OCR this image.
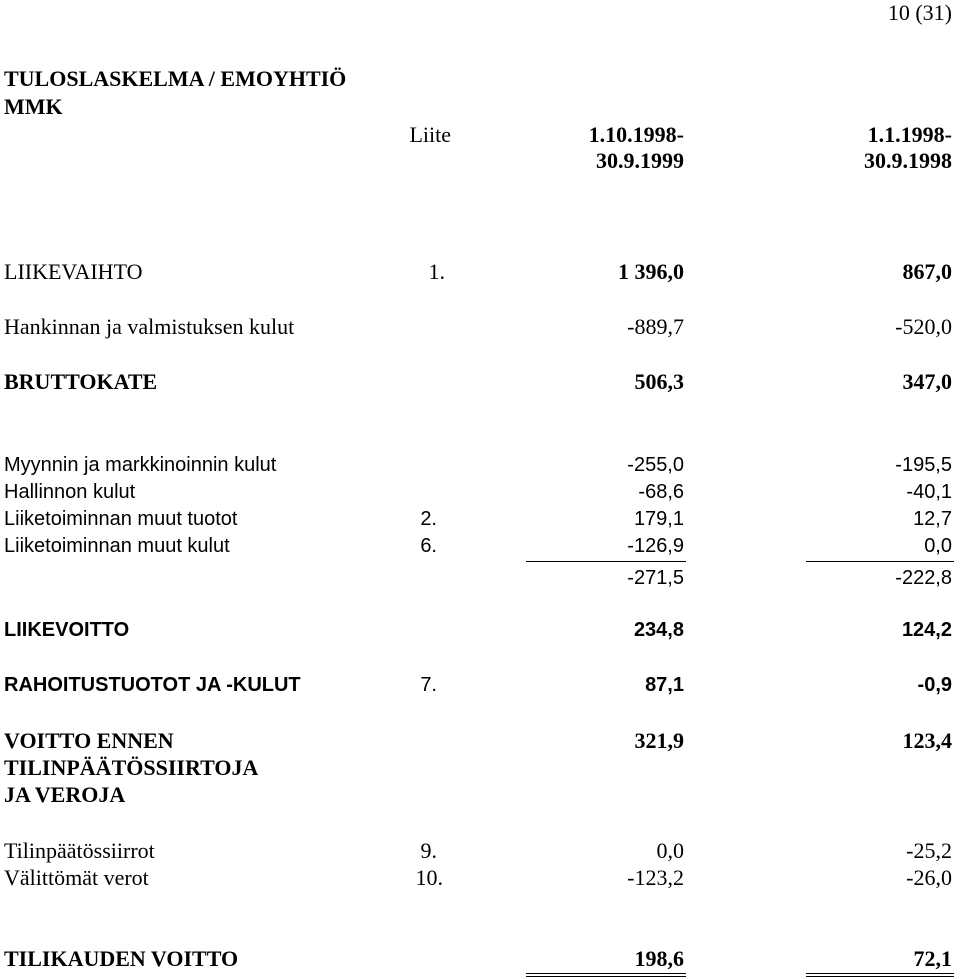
10 (31)
TULOSLASKELMA / EMOYHTIÖ
MMK
Liite	1.10.1998-
30.9.1999
1.1.1998-
30.9.1998
LIIKEVAIHTO	1.	1 396,0	867,0
Hankinnan ja valmistuksen kulut	-889,7	-520,0
BRUTTOKATE	506,3	347,0
Myynnin ja markkinoinnin kulut	-255,0	-195,5
Hallinnon kulut	-68,6	-40,1
Liiketoiminnan muut tuotot	2.	179,1	12,7
Liiketoiminnan muut kulut	6.	-126,9	0,0
-271,5	-222,8
LIIKEVOITTO	234,8	124,2
RAHOITUSTUOTOT JA -KULUT	7.	87,1	-0,9
VOITTO ENNEN	321,9	123,4
TILINPÄÄTÖSSIIRTOJA
JA VEROJA
Tilinpäätössiirrot	9.	0,0	-25,2
Välittömät verot	10.	-123,2	-26,0
TILIKAUDEN VOITTO	198,6	72,1
